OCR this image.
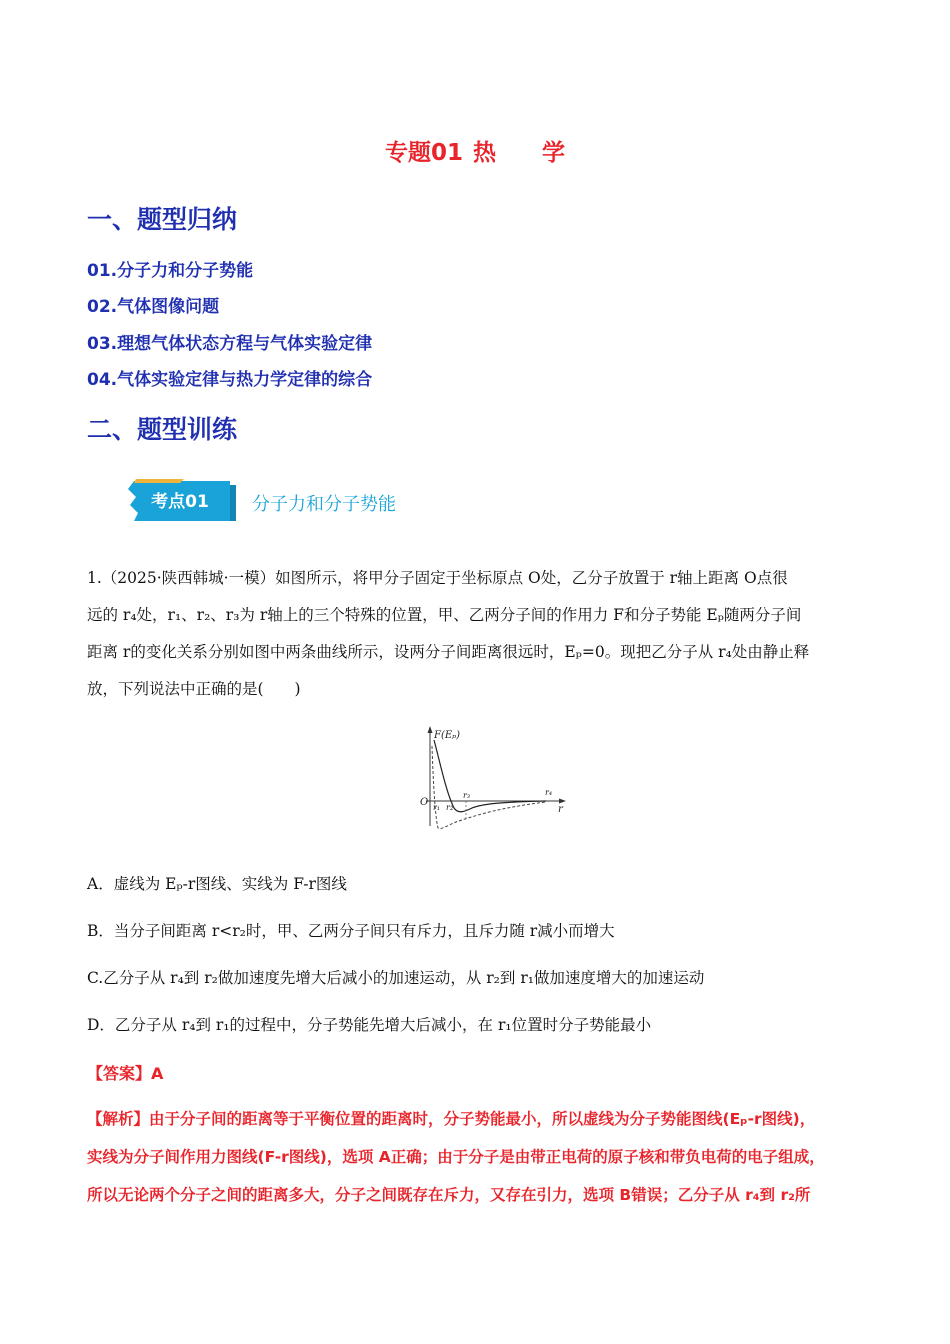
专题01 热　　学
一、题型归纳
01.分子力和分子势能
02.气体图像问题
03.理想气体状态方程与气体实验定律
04.气体实验定律与热力学定律的综合
二、题型训练
考点01 分子力和分子势能
1.（2025·陕西韩城·一模）如图所示，将甲分子固定于坐标原点 O处，乙分子放置于 r轴上距离 O点很
远的 r₄处，r₁、r₂、r₃为 r轴上的三个特殊的位置，甲、乙两分子间的作用力 F和分子势能 Eₚ随两分子间
距离 r的变化关系分别如图中两条曲线所示，设两分子间距离很远时，Eₚ=0。现把乙分子从 r₄处由静止释
放，下列说法中正确的是(　　)
F(Eₚ)
O
r
r₁ r₂
r₃	r₄
A．虚线为 Eₚ-r图线、实线为 F-r图线
B．当分子间距离 r<r₂时，甲、乙两分子间只有斥力，且斥力随 r减小而增大
C.乙分子从 r₄到 r₂做加速度先增大后减小的加速运动，从 r₂到 r₁做加速度增大的加速运动
D．乙分子从 r₄到 r₁的过程中，分子势能先增大后减小，在 r₁位置时分子势能最小
【答案】A
【解析】由于分子间的距离等于平衡位置的距离时，分子势能最小，所以虚线为分子势能图线(Eₚ-r图线)，
实线为分子间作用力图线(F-r图线)，选项 A正确；由于分子是由带正电荷的原子核和带负电荷的电子组成，
所以无论两个分子之间的距离多大，分子之间既存在斥力，又存在引力，选项 B错误；乙分子从 r₄到 r₂所
